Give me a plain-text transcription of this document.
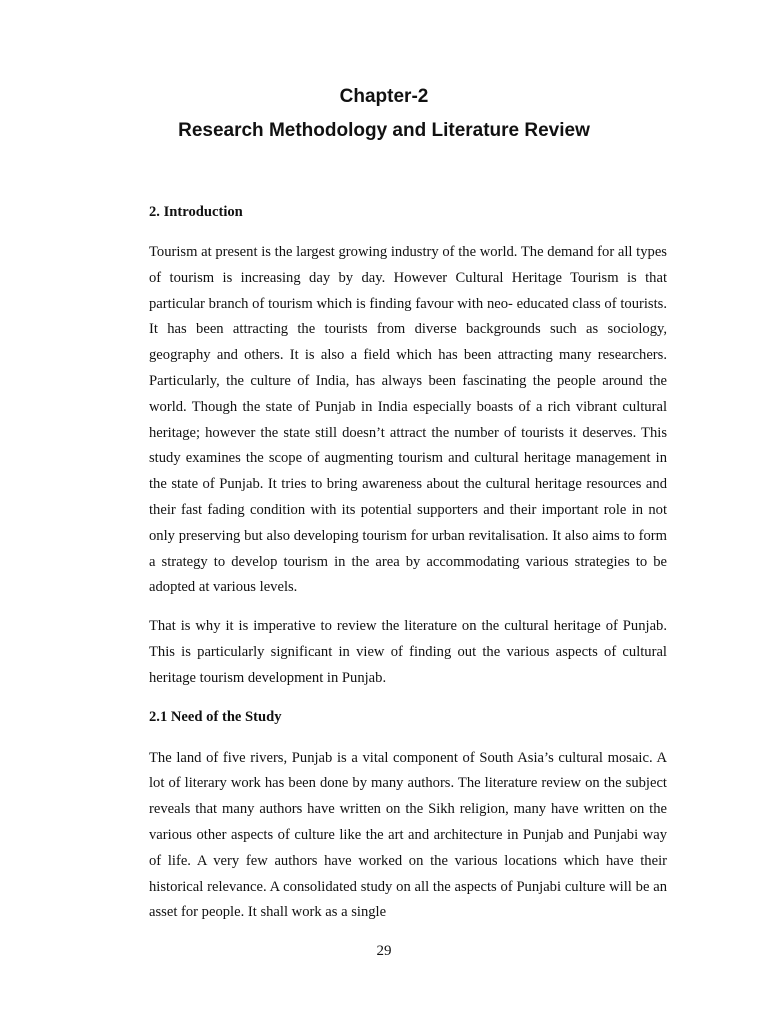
Chapter-2
Research Methodology and Literature Review
2. Introduction

Tourism at present is the largest growing industry of the world. The demand for all types of tourism is increasing day by day. However Cultural Heritage Tourism is that particular branch of tourism which is finding favour with neo- educated class of tourists. It has been attracting the tourists from diverse backgrounds such as sociology, geography and others. It is also a field which has been attracting many researchers. Particularly, the culture of India, has always been fascinating the people around the world. Though the state of Punjab in India especially boasts of a rich vibrant cultural heritage; however the state still doesn’t attract the number of tourists it deserves. This study examines the scope of augmenting tourism and cultural heritage management in the state of Punjab. It tries to bring awareness about the cultural heritage resources and their fast fading condition with its potential supporters and their important role in not only preserving but also developing tourism for urban revitalisation. It also aims to form a strategy to develop tourism in the area by accommodating various strategies to be adopted at various levels.

That is why it is imperative to review the literature on the cultural heritage of Punjab. This is particularly significant in view of finding out the various aspects of cultural heritage tourism development in Punjab.

2.1 Need of the Study

The land of five rivers, Punjab is a vital component of South Asia’s cultural mosaic. A lot of literary work has been done by many authors. The literature review on the subject reveals that many authors have written on the Sikh religion, many have written on the various other aspects of culture like the art and architecture in Punjab and Punjabi way of life. A very few authors have worked on the various locations which have their historical relevance. A consolidated study on all the aspects of Punjabi culture will be an asset for people. It shall work as a single

29
